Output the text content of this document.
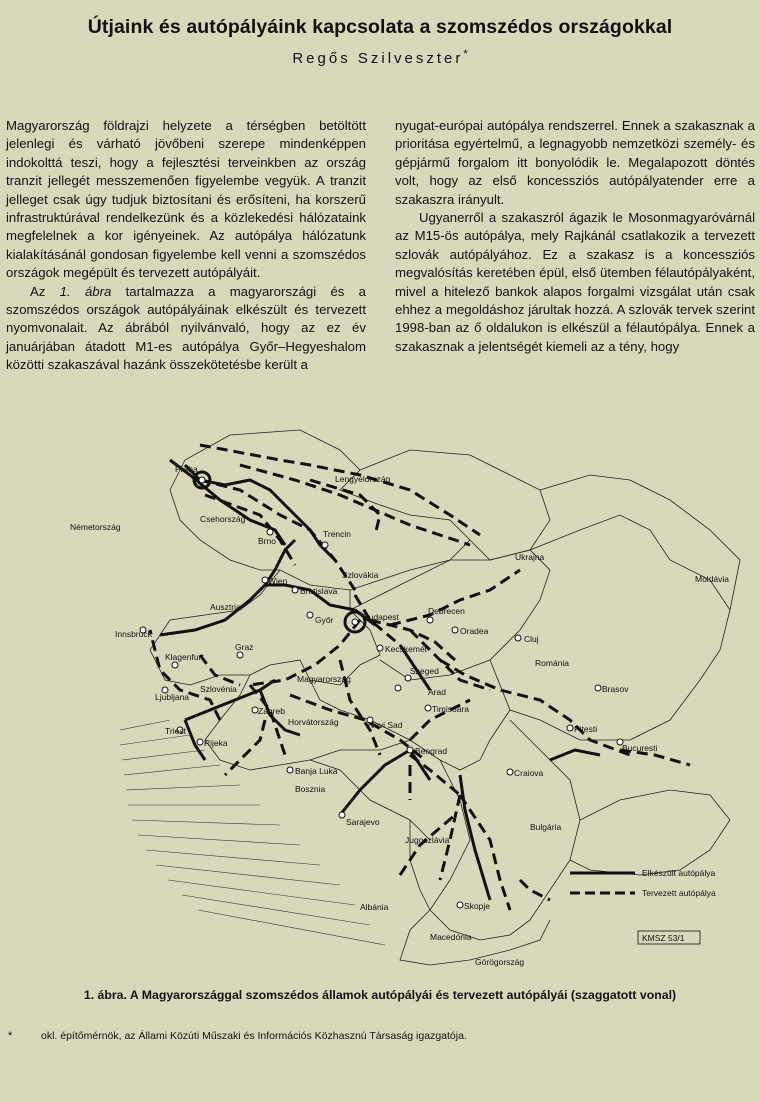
Útjaink és autópályáink kapcsolata a szomszédos országokkal
Regős Szilveszter*

Magyarország földrajzi helyzete a térségben betöltött jelenlegi és várható jövőbeni szerepe mindenképpen indokolttá teszi, hogy a fejlesztési terveinkben az ország tranzit jellegét messzemenően figyelembe vegyük. A tranzit jelleget csak úgy tudjuk biztosítani és erősíteni, ha korszerű infrastruktúrával rendelkezünk és a közlekedési hálózataink megfelelnek a kor igényeinek. Az autópálya hálózatunk kialakításánál gondosan figyelembe kell venni a szomszédos országok megépült és tervezett autópályáit.

Az 1. ábra tartalmazza a magyarországi és a szomszédos országok autópályáinak elkészült és tervezett nyomvonalait. Az ábrából nyilvánvaló, hogy az ez év januárjában átadott M1-es autópálya Győr–Hegyeshalom közötti szakaszával hazánk összekötetésbe került a

nyugat-európai autópálya rendszerrel. Ennek a szakasznak a prioritása egyértelmű, a legnagyobb nemzetközi személy- és gépjármű forgalom itt bonyolódik le. Megalapozott döntés volt, hogy az első koncessziós autópályatender erre a szakaszra irányult.

Ugyanerről a szakaszról ágazik le Mosonmagyaróvárnál az M15-ös autópálya, mely Rajkánál csatlakozik a tervezett szlovák autópályához. Ez a szakasz is a koncessziós megvalósítás keretében épül, első ütemben félautópályaként, mivel a hitelező bankok alapos forgalmi vizsgálat után csak ehhez a megoldáshoz járultak hozzá. A szlovák tervek szerint 1998-ban az ő oldalukon is elkészül a félautópálya. Ennek a szakasznak a jelentségét kiemeli az a tény, hogy

Németország
Csehország
Lengyelország
Szlovákia
Ukrajna
Moldávia
Ausztria
Magyarország
Románia
Szlovénia
Horvátország
Bosznia
Jugoszlávia
Bulgária
Albánia
Macedónia
Görögország
Praha
Brno
Trencin
Wien
Bratislava
Győr	Budapest
Debrecen
Oradea
Cluj
Innsbruck
Graz
Klagenfurt
Kecskemét
Szeged
Arad
Timisoara
Brasov
Pitesti
Bucuresti
Ljubljana
Zagreb
Triest
Rijeka
Novi Sad
Beograd
Banja Luka	Craiova
Sarajevo
Skopje
Elkészült autópálya
Tervezett autópálya
KMSZ 53/1
1. ábra. A Magyarországgal szomszédos államok autópályái és tervezett autópályái (szaggatott vonal)
*	okl. építőmérnök, az Állami Közúti Műszaki és Információs Közhasznú Társaság igazgatója.
